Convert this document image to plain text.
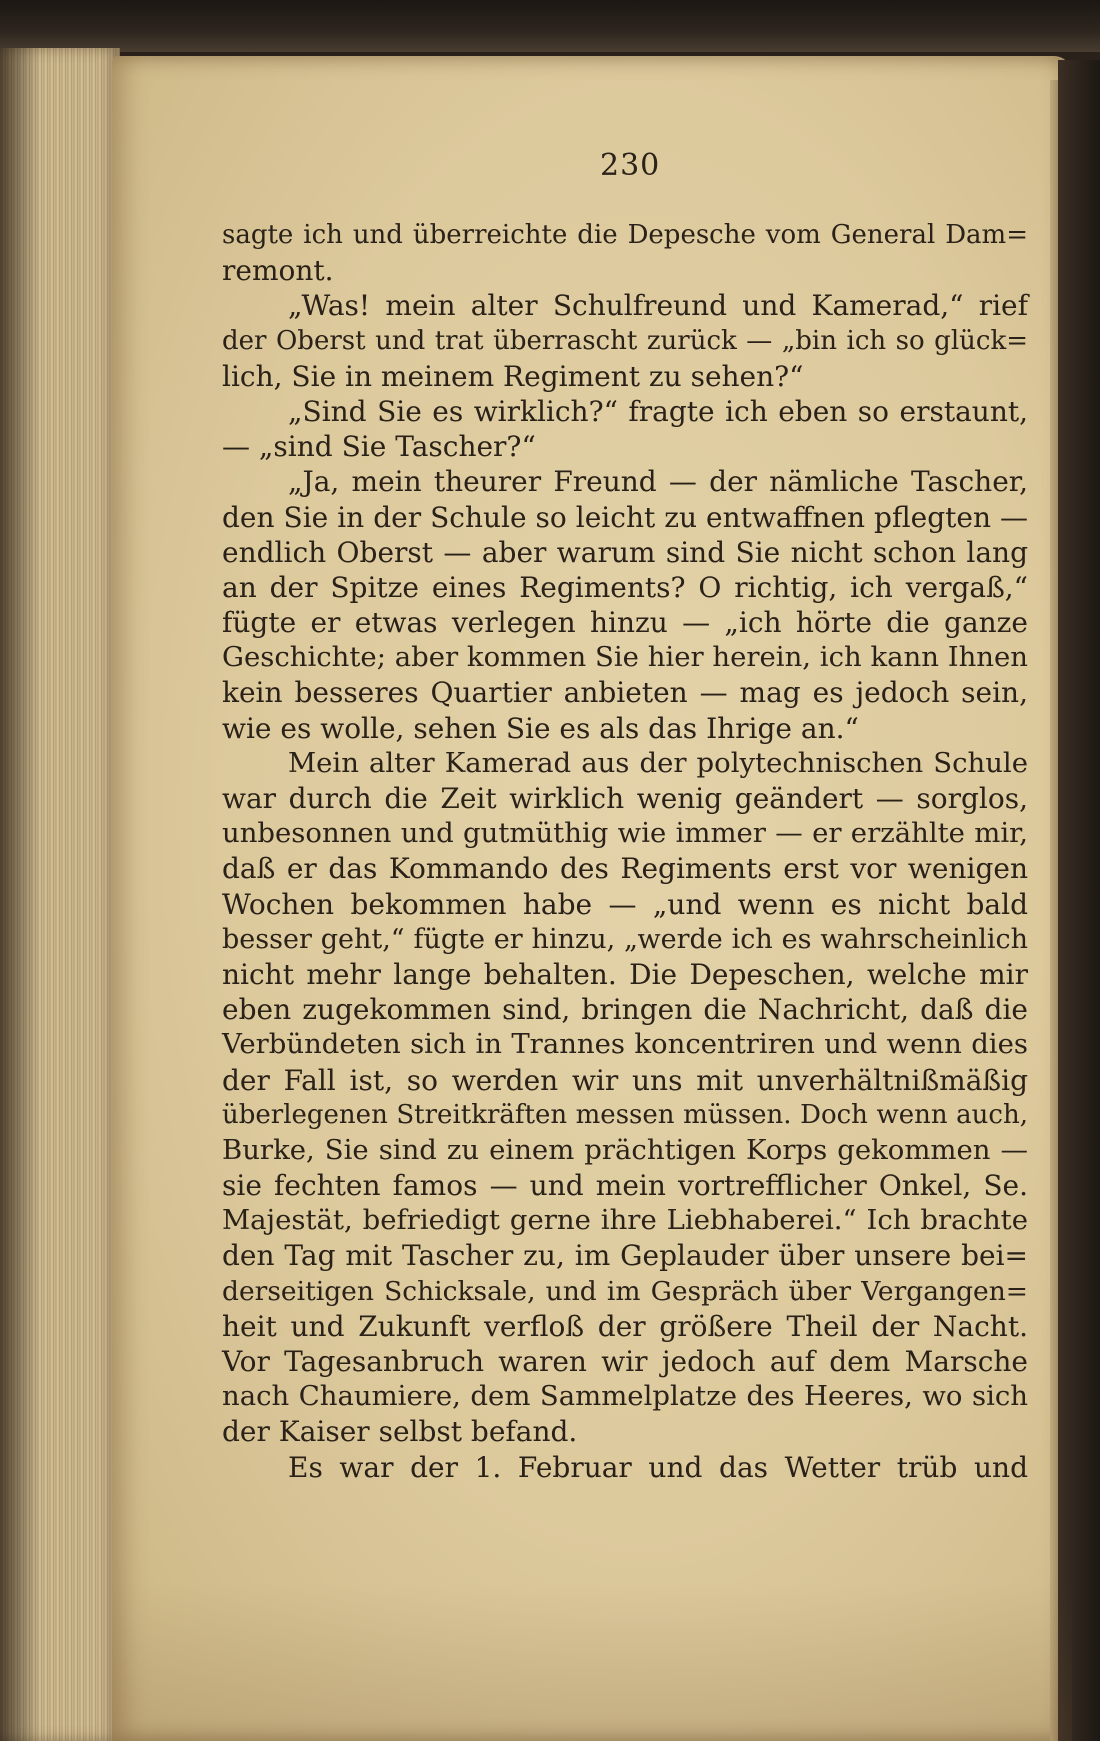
230
sagte ich und überreichte die Depesche vom General Dam=
remont.
„Was! mein alter Schulfreund und Kamerad,“ rief
der Oberst und trat überrascht zurück — „bin ich so glück=
lich, Sie in meinem Regiment zu sehen?“
„Sind Sie es wirklich?“ fragte ich eben so erstaunt,
— „sind Sie Tascher?“
„Ja, mein theurer Freund — der nämliche Tascher,
den Sie in der Schule so leicht zu entwaffnen pflegten —
endlich Oberst — aber warum sind Sie nicht schon lang
an der Spitze eines Regiments? O richtig, ich vergaß,“
fügte er etwas verlegen hinzu — „ich hörte die ganze
Geschichte; aber kommen Sie hier herein, ich kann Ihnen
kein besseres Quartier anbieten — mag es jedoch sein,
wie es wolle, sehen Sie es als das Ihrige an.“
Mein alter Kamerad aus der polytechnischen Schule
war durch die Zeit wirklich wenig geändert — sorglos,
unbesonnen und gutmüthig wie immer — er erzählte mir,
daß er das Kommando des Regiments erst vor wenigen
Wochen bekommen habe — „und wenn es nicht bald
besser geht,“ fügte er hinzu, „werde ich es wahrscheinlich
nicht mehr lange behalten. Die Depeschen, welche mir
eben zugekommen sind, bringen die Nachricht, daß die
Verbündeten sich in Trannes koncentriren und wenn dies
der Fall ist, so werden wir uns mit unverhältnißmäßig
überlegenen Streitkräften messen müssen. Doch wenn auch,
Burke, Sie sind zu einem prächtigen Korps gekommen —
sie fechten famos — und mein vortrefflicher Onkel, Se.
Majestät, befriedigt gerne ihre Liebhaberei.“ Ich brachte
den Tag mit Tascher zu, im Geplauder über unsere bei=
derseitigen Schicksale, und im Gespräch über Vergangen=
heit und Zukunft verfloß der größere Theil der Nacht.
Vor Tagesanbruch waren wir jedoch auf dem Marsche
nach Chaumiere, dem Sammelplatze des Heeres, wo sich
der Kaiser selbst befand.
Es war der 1. Februar und das Wetter trüb und
